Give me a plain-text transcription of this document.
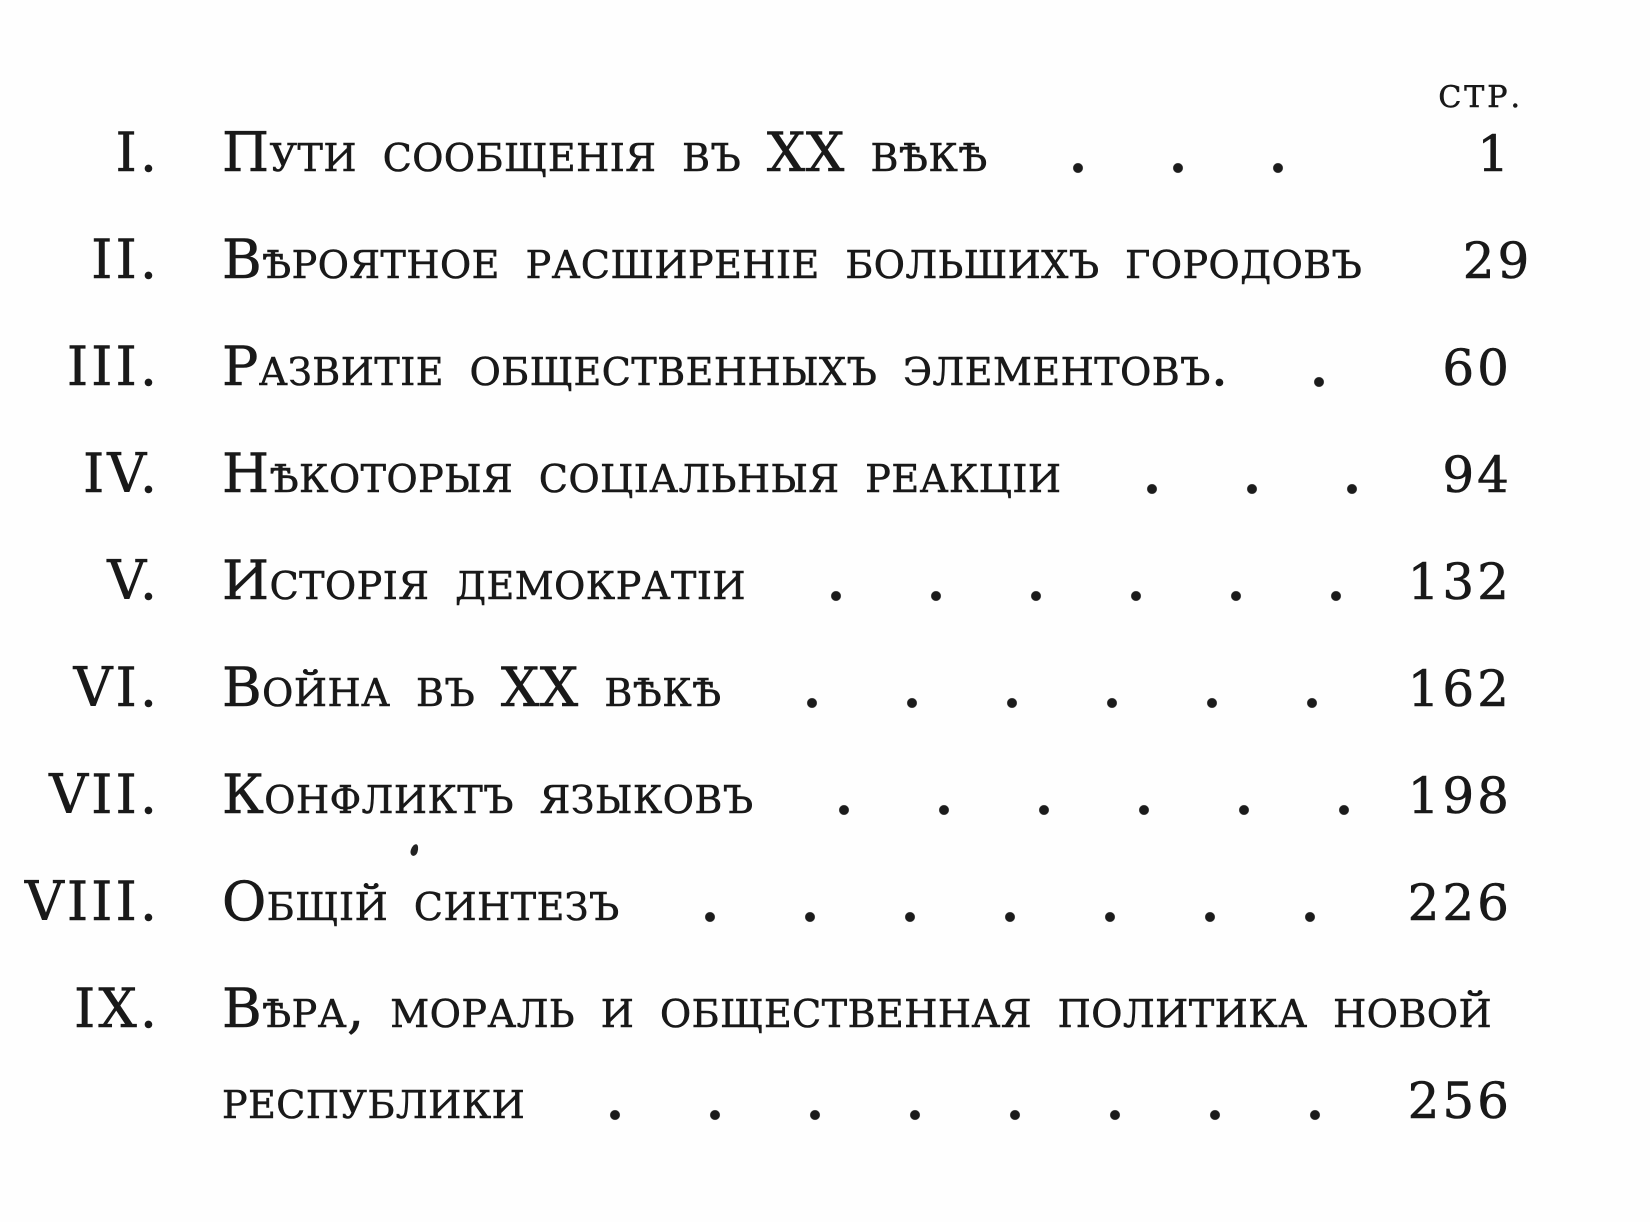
СТР.
I. Пути сообщенія въ XX вѣкѣ	1
II. Вѣроятное расширеніе большихъ городовъ	29
III. Развитіе общественныхъ элементовъ.	60
IV. Нѣкоторыя соціальныя реакціи	94
V. Исторія демократіи	132
VI. Война въ XX вѣкѣ	162
VII. Конфликтъ языковъ	198
VIII. Общій синтезъ	226
IX. Вѣра, мораль и общественная политика новой
республики	256
